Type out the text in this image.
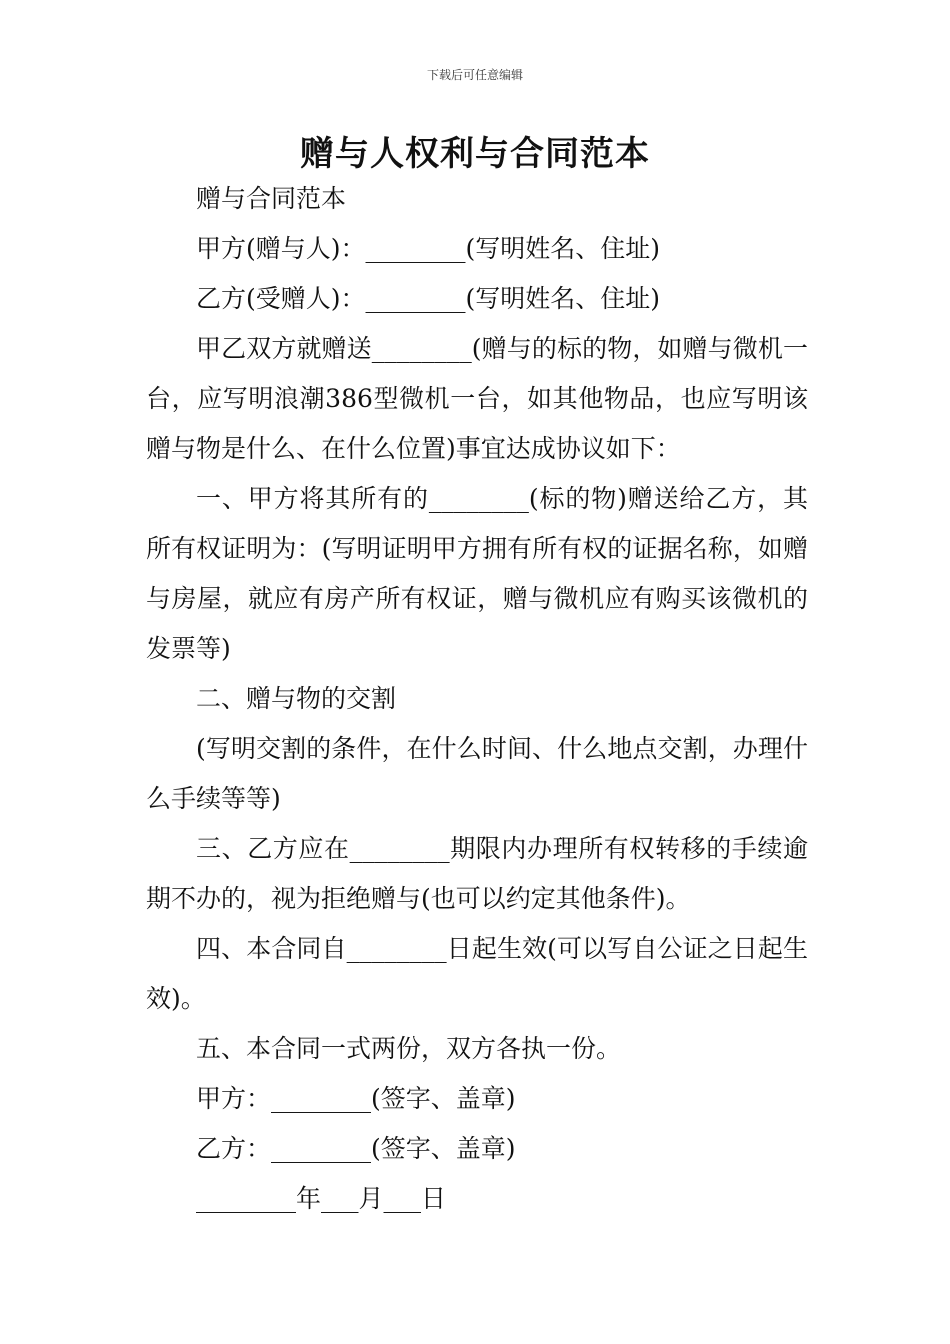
下载后可任意编辑
赠与人权利与合同范本

赠与合同范本

甲方(赠与人)：________(写明姓名、住址)

乙方(受赠人)：________(写明姓名、住址)

甲乙双方就赠送________(赠与的标的物，如赠与微机一台，应写明浪潮386型微机一台，如其他物品，也应写明该赠与物是什么、在什么位置)事宜达成协议如下：

一、甲方将其所有的________(标的物)赠送给乙方，其所有权证明为：(写明证明甲方拥有所有权的证据名称，如赠与房屋，就应有房产所有权证，赠与微机应有购买该微机的发票等)

二、赠与物的交割

(写明交割的条件，在什么时间、什么地点交割，办理什么手续等等)

三、乙方应在________期限内办理所有权转移的手续逾期不办的，视为拒绝赠与(也可以约定其他条件)。

四、本合同自________日起生效(可以写自公证之日起生效)。

五、本合同一式两份，双方各执一份。

甲方：________(签字、盖章)

乙方：________(签字、盖章)

________年___月___日
